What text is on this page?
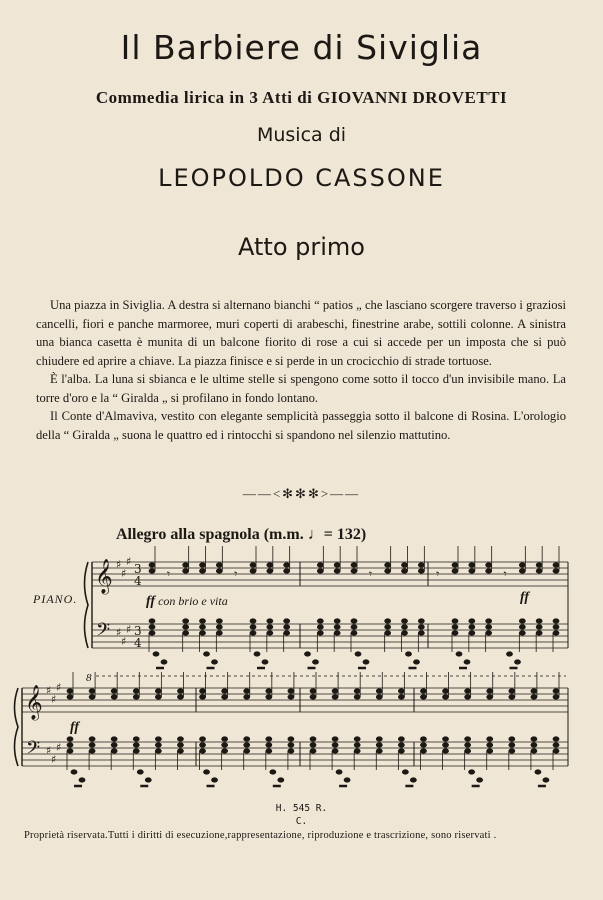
Il Barbiere di Siviglia
Commedia lirica in 3 Atti di GIOVANNI DROVETTI
Musica di
LEOPOLDO CASSONE
Atto primo

Una piazza in Siviglia. A destra si alternano bianchi “ patios „ che lasciano scorgere traverso i graziosi cancelli, fiori e panche marmoree, muri coperti di arabeschi, finestrine arabe, sottili colonne. A sinistra una bianca casetta è munita di un balcone fiorito di rose a cui si accede per un imposta che si può chiudere ed aprire a chiave. La piazza finisce e si perde in un crocicchio di strade tortuose.

È l'alba. La luna si sbianca e le ultime stelle si spengono come sotto il tocco d'un invisibile mano. La torre d'oro e la “ Giralda „ si profilano in fondo lontano.

Il Conte d'Almaviva, vestito con elegante semplicità passeggia sotto il balcone di Rosina. L'orologio della “ Giralda „ suona le quattro ed i rintocchi si spandono nel silenzio mattutino.

——<✻✻✻>——
Allegro alla spagnola (m.m. ♩= 132)
PIANO.	ff con brio e vita	ff
ff
8
𝄞
𝄢
♯
♯
♯
♯
♯
♯
3
4
3
4
𝄾	𝄾	𝄾	𝄾	𝄾
𝄞
𝄢
♯
♯
♯
♯
♯
♯
H. 545 R.
C.
Proprietà riservata.Tutti i diritti di esecuzione,rappresentazione, riproduzione e trascrizione, sono riservati .
